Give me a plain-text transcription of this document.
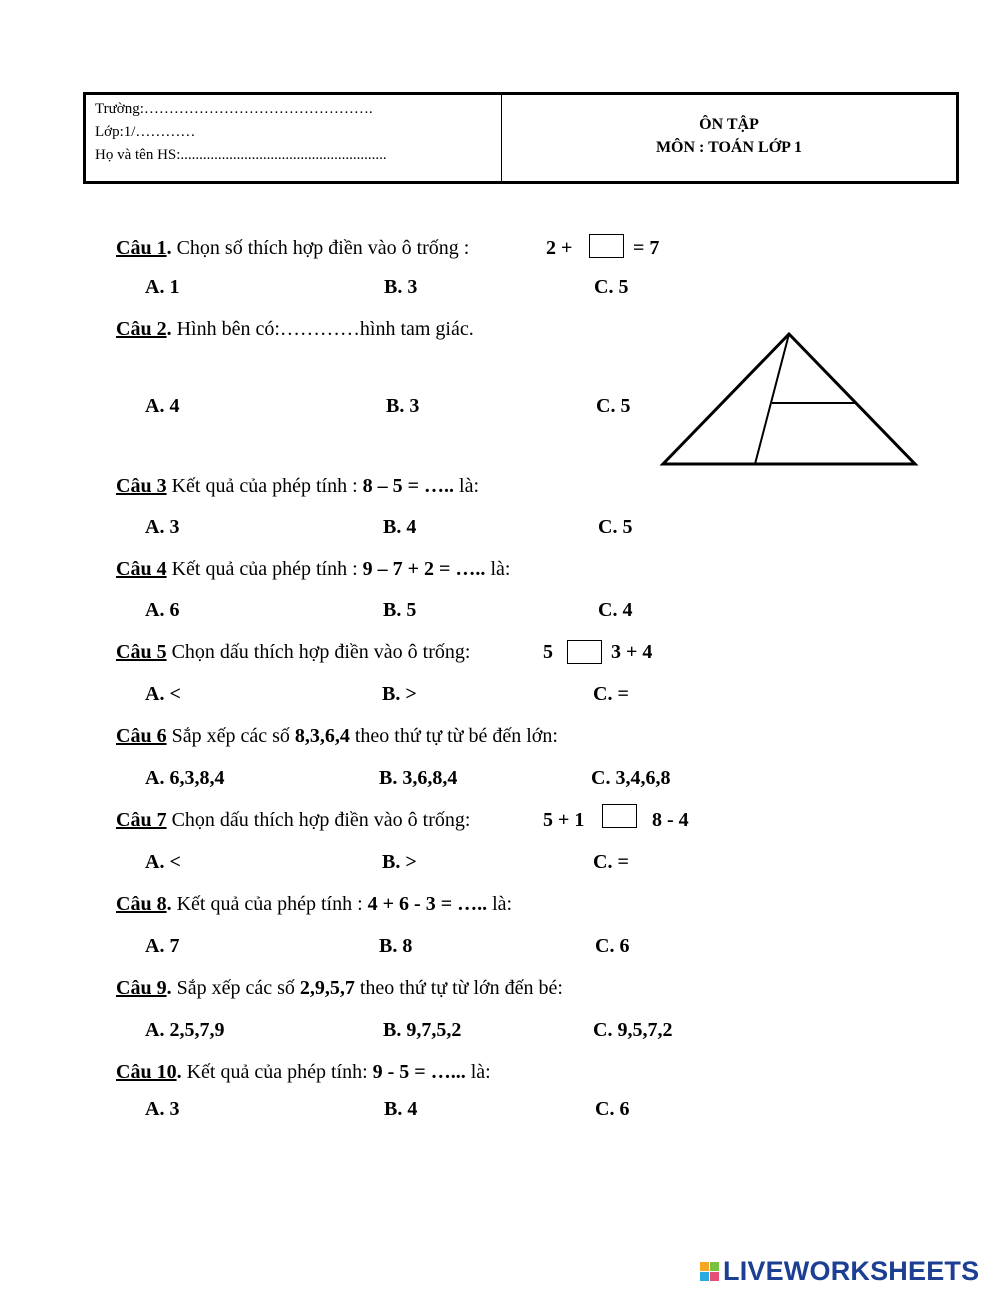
Trường:……………………………………….
Lớp:1/…………
Họ và tên HS:.......................................................
ÔN TẬP
MÔN : TOÁN LỚP 1
Câu 1. Chọn số thích hợp điền vào ô trống :	2 +	= 7
A. 1	B. 3	C. 5
Câu 2. Hình bên có:…………hình tam giác.
A. 4	B. 3	C. 5
Câu 3 Kết quả của phép tính : 8 – 5 = ….. là:
A. 3	B. 4	C. 5
Câu 4 Kết quả của phép tính : 9 – 7 + 2 = ….. là:
A. 6	B. 5	C. 4
Câu 5 Chọn dấu thích hợp điền vào ô trống:	5	3 + 4
A. <	B. >	C. =
Câu 6 Sắp xếp các số 8,3,6,4 theo thứ tự từ bé đến lớn:
A. 6,3,8,4	B. 3,6,8,4	C. 3,4,6,8
Câu 7 Chọn dấu thích hợp điền vào ô trống:	5 + 1	8 - 4
A. <	B. >	C. =
Câu 8. Kết quả của phép tính : 4 + 6 - 3 = ….. là:
A. 7	B. 8	C. 6
Câu 9. Sắp xếp các số 2,9,5,7 theo thứ tự từ lớn đến bé:
A. 2,5,7,9	B. 9,7,5,2	C. 9,5,7,2
Câu 10. Kết quả của phép tính: 9 - 5 = …... là:
A. 3	B. 4	C. 6
LIVEWORKSHEETS
